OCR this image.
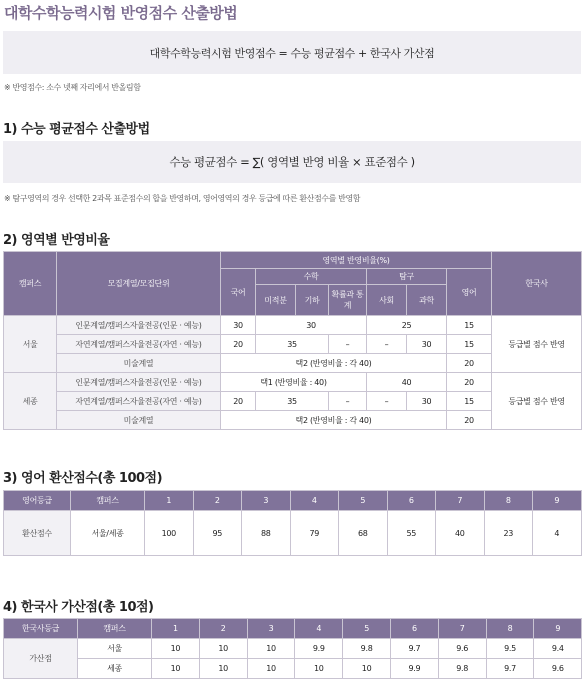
대학수학능력시험 반영점수 산출방법
대학수학능력시험 반영점수 = 수능 평균점수 + 한국사 가산점
※ 반영점수: 소수 넷째 자리에서 반올림함
1) 수능 평균점수 산출방법
수능 평균점수 = ∑( 영역별 반영 비율 × 표준점수 )
※ 탐구영역의 경우 선택한 2과목 표준점수의 합을 반영하며, 영어영역의 경우 등급에 따른 환산점수를 반영함
2) 영역별 반영비율
캠퍼스	모집계열/모집단위	영역별 반영비율(%)							한국사
		국어	수학			탐구		영어	
			미적분	기하	확률과 통계	사회	과학		
서울	인문계열/캠퍼스자율전공(인문 · 예능)	30	30			25		15	등급별 점수 반영
	자연계열/캠퍼스자율전공(자연 · 예능)	20	35		–	–	30	15	
	미술계열	택2 (반영비율 : 각 40)						20	
세종	인문계열/캠퍼스자율전공(인문 · 예능)	택1 (반영비율 : 40)				40		20	등급별 점수 반영
	자연계열/캠퍼스자율전공(자연 · 예능)	20	35		–	–	30	15	
	미술계열	택2 (반영비율 : 각 40)						20	
3) 영어 환산점수(총 100점)
영어등급	캠퍼스	1	2	3	4	5	6	7	8	9
환산점수	서울/세종	100	95	88	79	68	55	40	23	4
4) 한국사 가산점(총 10점)
한국사등급	캠퍼스	1	2	3	4	5	6	7	8	9
가산점	서울	10	10	10	9.9	9.8	9.7	9.6	9.5	9.4
	세종	10	10	10	10	10	9.9	9.8	9.7	9.6
